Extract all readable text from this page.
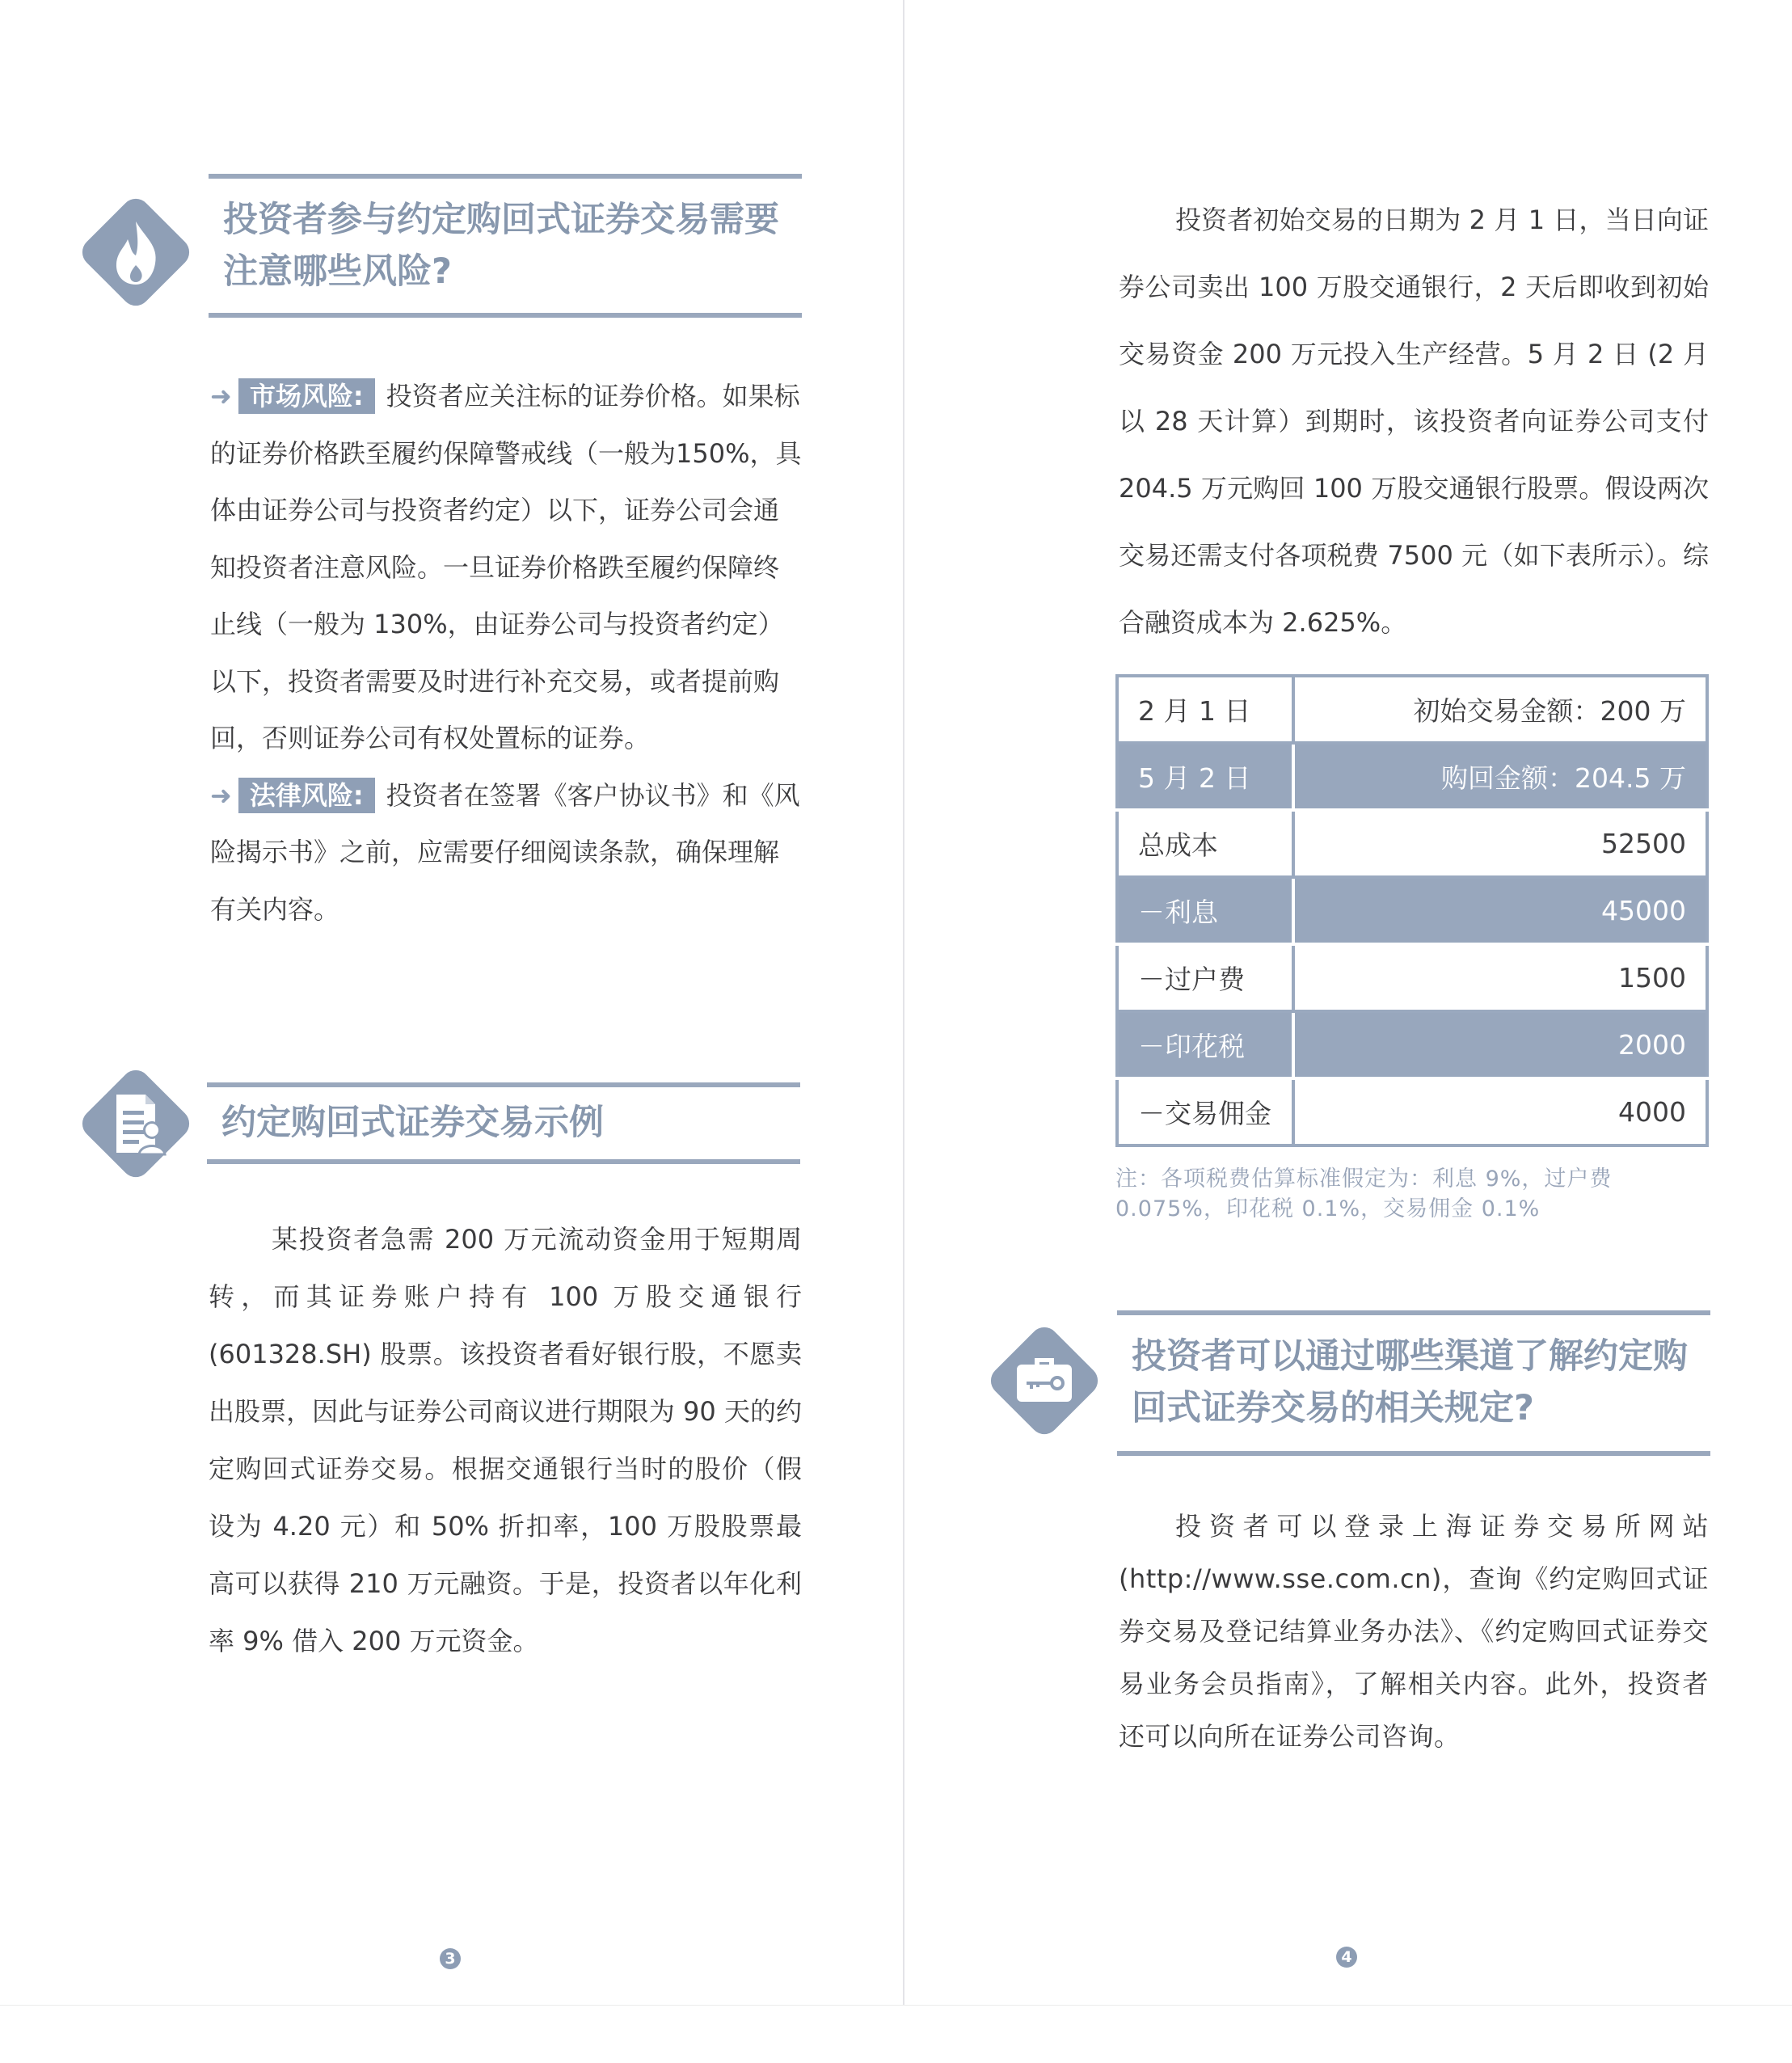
投资者参与约定购回式证券交易需要注意哪些风险?

➜ 市场风险: 投资者应关注标的证券价格。如果标的证券价格跌至履约保障警戒线（一般为150%，具体由证券公司与投资者约定）以下，证券公司会通知投资者注意风险。一旦证券价格跌至履约保障终止线（一般为 130%，由证券公司与投资者约定）以下，投资者需要及时进行补充交易，或者提前购回，否则证券公司有权处置标的证券。

➜ 法律风险: 投资者在签署《客户协议书》和《风险揭示书》之前，应需要仔细阅读条款，确保理解有关内容。

约定购回式证券交易示例

某投资者急需 200 万元流动资金用于短期周转，而其证券账户持有 100 万股交通银行(601328.SH) 股票。该投资者看好银行股，不愿卖出股票，因此与证券公司商议进行期限为 90 天的约定购回式证券交易。根据交通银行当时的股价（假设为 4.20 元）和 50% 折扣率，100 万股股票最高可以获得 210 万元融资。于是，投资者以年化利率 9% 借入 200 万元资金。

3

投资者初始交易的日期为 2 月 1 日，当日向证券公司卖出 100 万股交通银行，2 天后即收到初始交易资金 200 万元投入生产经营。5 月 2 日 (2 月以 28 天计算）到期时，该投资者向证券公司支付 204.5 万元购回 100 万股交通银行股票。假设两次交易还需支付各项税费 7500 元（如下表所示）。综合融资成本为 2.625%。

2 月 1 日	初始交易金额：200 万
5 月 2 日	购回金额：204.5 万
总成本	52500
－利息	45000
－过户费	1500
－印花税	2000
－交易佣金	4000
注：各项税费估算标准假定为：利息 9%，过户费 0.075%，印花税 0.1%，交易佣金 0.1%
投资者可以通过哪些渠道了解约定购回式证券交易的相关规定?

投资者可以登录上海证券交易所网站 (http://www.sse.com.cn)，查询《约定购回式证券交易及登记结算业务办法》、《约定购回式证券交易业务会员指南》，了解相关内容。此外，投资者还可以向所在证券公司咨询。

4
